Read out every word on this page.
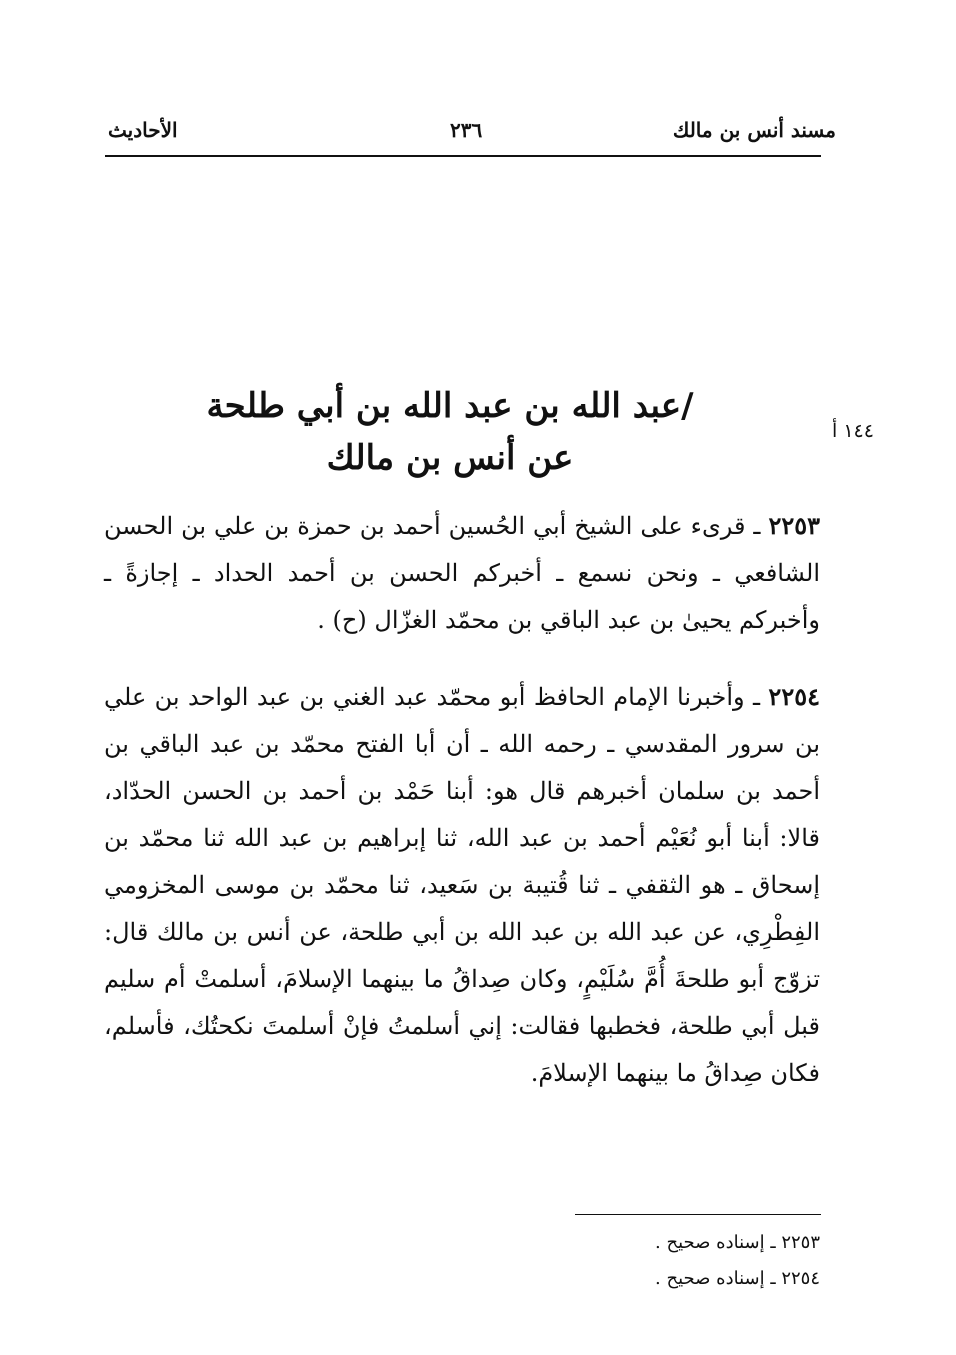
مسند أنس بن مالك
٢٣٦
الأحاديث
١٤٤ أ
/عبد الله بن عبد الله بن أبي طلحة
عن أنس بن مالك
٢٢٥٣ ـ قرىء على الشيخ أبي الحُسين أحمد بن حمزة بن علي بن الحسن الشافعي ـ ونحن نسمع ـ أخبركم الحسن بن أحمد الحداد ـ إجازةً ـ وأخبركم يحيىٰ بن عبد الباقي بن محمّد الغزّال (ح) .
٢٢٥٤ ـ وأخبرنا الإمام الحافظ أبو محمّد عبد الغني بن عبد الواحد بن علي بن سرور المقدسي ـ رحمه الله ـ أن أبا الفتح محمّد بن عبد الباقي بن أحمد بن سلمان أخبرهم قال هو: أبنا حَمْد بن أحمد بن الحسن الحدّاد، قالا: أبنا أبو نُعَيْم أحمد بن عبد الله، ثنا إبراهيم بن عبد الله ثنا محمّد بن إسحاق ـ هو الثقفي ـ ثنا قُتيبة بن سَعيد، ثنا محمّد بن موسى المخزومي الفِطْرِي، عن عبد الله بن عبد الله بن أبي طلحة، عن أنس بن مالك قال: تزوّج أبو طلحةَ أُمَّ سُلَيْمٍ، وكان صِداقُ ما بينهما الإسلامَ، أسلمتْ أم سليم قبل أبي طلحة، فخطبها فقالت: إني أسلمتُ فإنْ أسلمتَ نكحتُك، فأسلم، فكان صِداقُ ما بينهما الإسلامَ.
٢٢٥٣ ـ إسناده صحيح .
٢٢٥٤ ـ إسناده صحيح .
